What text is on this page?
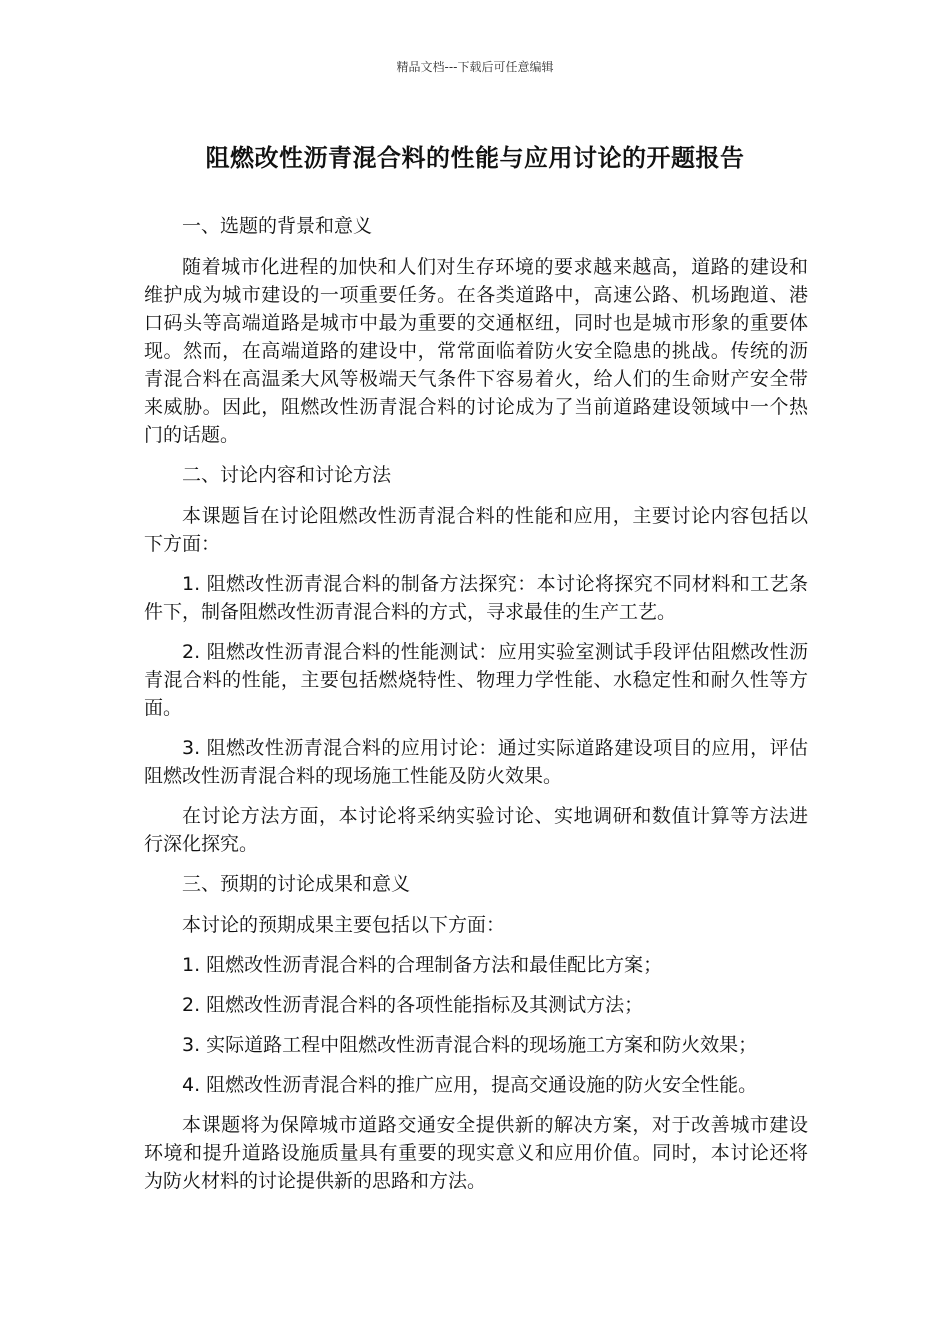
精品文档---下载后可任意编辑
阻燃改性沥青混合料的性能与应用讨论的开题报告

一、选题的背景和意义

随着城市化进程的加快和人们对生存环境的要求越来越高，道路的建设和维护成为城市建设的一项重要任务。在各类道路中，高速公路、机场跑道、港口码头等高端道路是城市中最为重要的交通枢纽，同时也是城市形象的重要体现。然而，在高端道路的建设中，常常面临着防火安全隐患的挑战。传统的沥青混合料在高温柔大风等极端天气条件下容易着火，给人们的生命财产安全带来威胁。因此，阻燃改性沥青混合料的讨论成为了当前道路建设领域中一个热门的话题。

二、讨论内容和讨论方法

本课题旨在讨论阻燃改性沥青混合料的性能和应用，主要讨论内容包括以下方面：

1. 阻燃改性沥青混合料的制备方法探究：本讨论将探究不同材料和工艺条件下，制备阻燃改性沥青混合料的方式，寻求最佳的生产工艺。

2. 阻燃改性沥青混合料的性能测试：应用实验室测试手段评估阻燃改性沥青混合料的性能，主要包括燃烧特性、物理力学性能、水稳定性和耐久性等方面。

3. 阻燃改性沥青混合料的应用讨论：通过实际道路建设项目的应用，评估阻燃改性沥青混合料的现场施工性能及防火效果。

在讨论方法方面，本讨论将采纳实验讨论、实地调研和数值计算等方法进行深化探究。

三、预期的讨论成果和意义

本讨论的预期成果主要包括以下方面：

1. 阻燃改性沥青混合料的合理制备方法和最佳配比方案；

2. 阻燃改性沥青混合料的各项性能指标及其测试方法；

3. 实际道路工程中阻燃改性沥青混合料的现场施工方案和防火效果；

4. 阻燃改性沥青混合料的推广应用，提高交通设施的防火安全性能。

本课题将为保障城市道路交通安全提供新的解决方案，对于改善城市建设环境和提升道路设施质量具有重要的现实意义和应用价值。同时，本讨论还将为防火材料的讨论提供新的思路和方法。
